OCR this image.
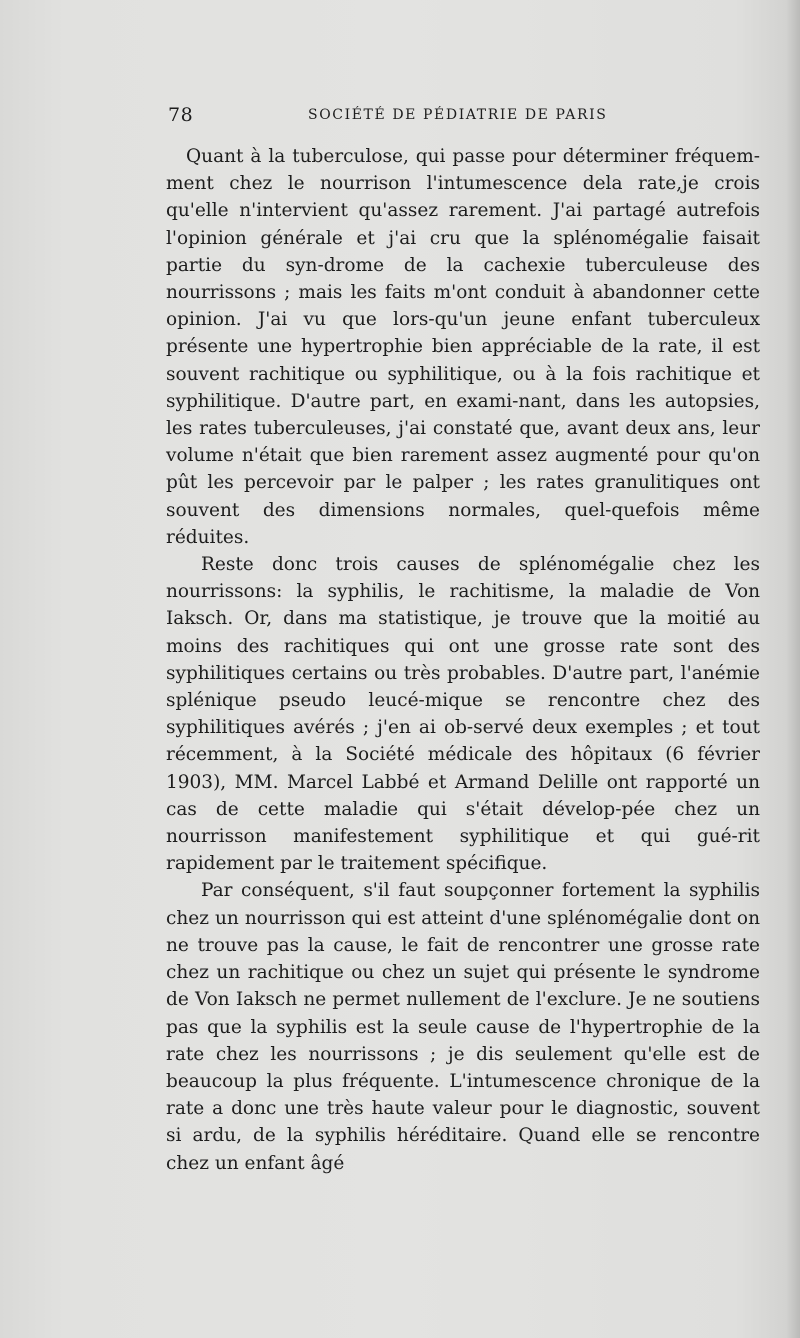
78	SOCIÉTÉ DE PÉDIATRIE DE PARIS

Quant à la tuberculose, qui passe pour déterminer fréquem-ment chez le nourrison l'intumescence dela rate,je crois qu'elle n'intervient qu'assez rarement. J'ai partagé autrefois l'opinion générale et j'ai cru que la splénomégalie faisait partie du syn-drome de la cachexie tuberculeuse des nourrissons ; mais les faits m'ont conduit à abandonner cette opinion. J'ai vu que lors-qu'un jeune enfant tuberculeux présente une hypertrophie bien appréciable de la rate, il est souvent rachitique ou syphilitique, ou à la fois rachitique et syphilitique. D'autre part, en exami-nant, dans les autopsies, les rates tuberculeuses, j'ai constaté que, avant deux ans, leur volume n'était que bien rarement assez augmenté pour qu'on pût les percevoir par le palper ; les rates granulitiques ont souvent des dimensions normales, quel-quefois même réduites.

Reste donc trois causes de splénomégalie chez les nourrissons: la syphilis, le rachitisme, la maladie de Von Iaksch. Or, dans ma statistique, je trouve que la moitié au moins des rachitiques qui ont une grosse rate sont des syphilitiques certains ou très probables. D'autre part, l'anémie splénique pseudo leucé-mique se rencontre chez des syphilitiques avérés ; j'en ai ob-servé deux exemples ; et tout récemment, à la Société médicale des hôpitaux (6 février 1903), MM. Marcel Labbé et Armand Delille ont rapporté un cas de cette maladie qui s'était dévelop-pée chez un nourrisson manifestement syphilitique et qui gué-rit rapidement par le traitement spécifique.

Par conséquent, s'il faut soupçonner fortement la syphilis chez un nourrisson qui est atteint d'une splénomégalie dont on ne trouve pas la cause, le fait de rencontrer une grosse rate chez un rachitique ou chez un sujet qui présente le syndrome de Von Iaksch ne permet nullement de l'exclure. Je ne soutiens pas que la syphilis est la seule cause de l'hypertrophie de la rate chez les nourrissons ; je dis seulement qu'elle est de beaucoup la plus fréquente. L'intumescence chronique de la rate a donc une très haute valeur pour le diagnostic, souvent si ardu, de la syphilis héréditaire. Quand elle se rencontre chez un enfant âgé
